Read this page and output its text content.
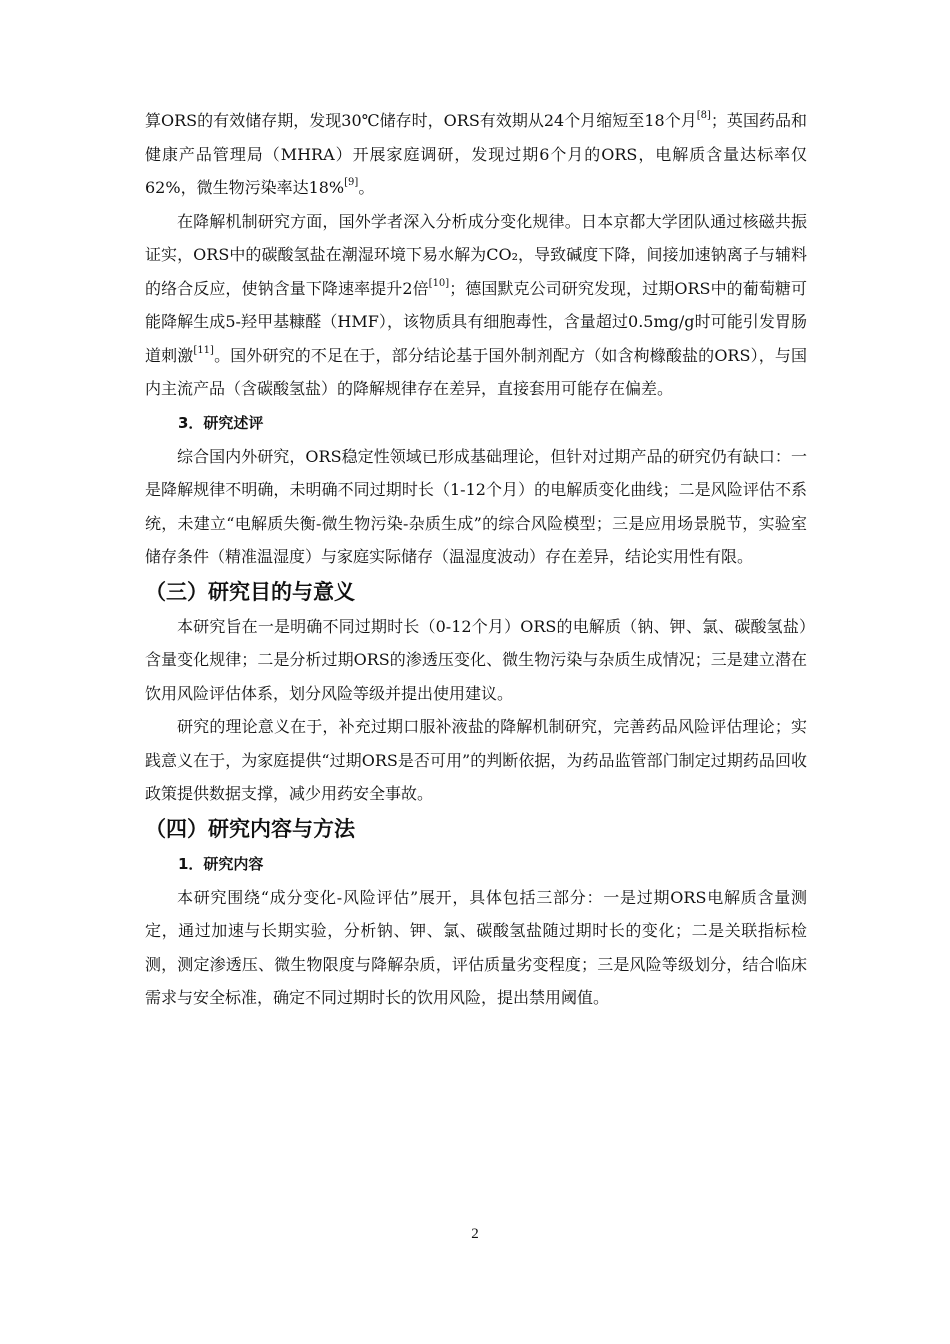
算ORS的有效储存期，发现30℃储存时，ORS有效期从24个月缩短至18个月[8]；英国药品和健康产品管理局（MHRA）开展家庭调研，发现过期6个月的ORS，电解质含量达标率仅62%，微生物污染率达18%[9]。

在降解机制研究方面，国外学者深入分析成分变化规律。日本京都大学团队通过核磁共振证实，ORS中的碳酸氢盐在潮湿环境下易水解为CO₂，导致碱度下降，间接加速钠离子与辅料的络合反应，使钠含量下降速率提升2倍[10]；德国默克公司研究发现，过期ORS中的葡萄糖可能降解生成5-羟甲基糠醛（HMF），该物质具有细胞毒性，含量超过0.5mg/g时可能引发胃肠道刺激[11]。国外研究的不足在于，部分结论基于国外制剂配方（如含枸橼酸盐的ORS），与国内主流产品（含碳酸氢盐）的降解规律存在差异，直接套用可能存在偏差。

3．研究述评

综合国内外研究，ORS稳定性领域已形成基础理论，但针对过期产品的研究仍有缺口：一是降解规律不明确，未明确不同过期时长（1-12个月）的电解质变化曲线；二是风险评估不系统，未建立“电解质失衡-微生物污染-杂质生成”的综合风险模型；三是应用场景脱节，实验室储存条件（精准温湿度）与家庭实际储存（温湿度波动）存在差异，结论实用性有限。

（三）研究目的与意义

本研究旨在一是明确不同过期时长（0-12个月）ORS的电解质（钠、钾、氯、碳酸氢盐）含量变化规律；二是分析过期ORS的渗透压变化、微生物污染与杂质生成情况；三是建立潜在饮用风险评估体系，划分风险等级并提出使用建议。

研究的理论意义在于，补充过期口服补液盐的降解机制研究，完善药品风险评估理论；实践意义在于，为家庭提供“过期ORS是否可用”的判断依据，为药品监管部门制定过期药品回收政策提供数据支撑，减少用药安全事故。

（四）研究内容与方法
1．研究内容

本研究围绕“成分变化-风险评估”展开，具体包括三部分：一是过期ORS电解质含量测定，通过加速与长期实验，分析钠、钾、氯、碳酸氢盐随过期时长的变化；二是关联指标检测，测定渗透压、微生物限度与降解杂质，评估质量劣变程度；三是风险等级划分，结合临床需求与安全标准，确定不同过期时长的饮用风险，提出禁用阈值。

2
